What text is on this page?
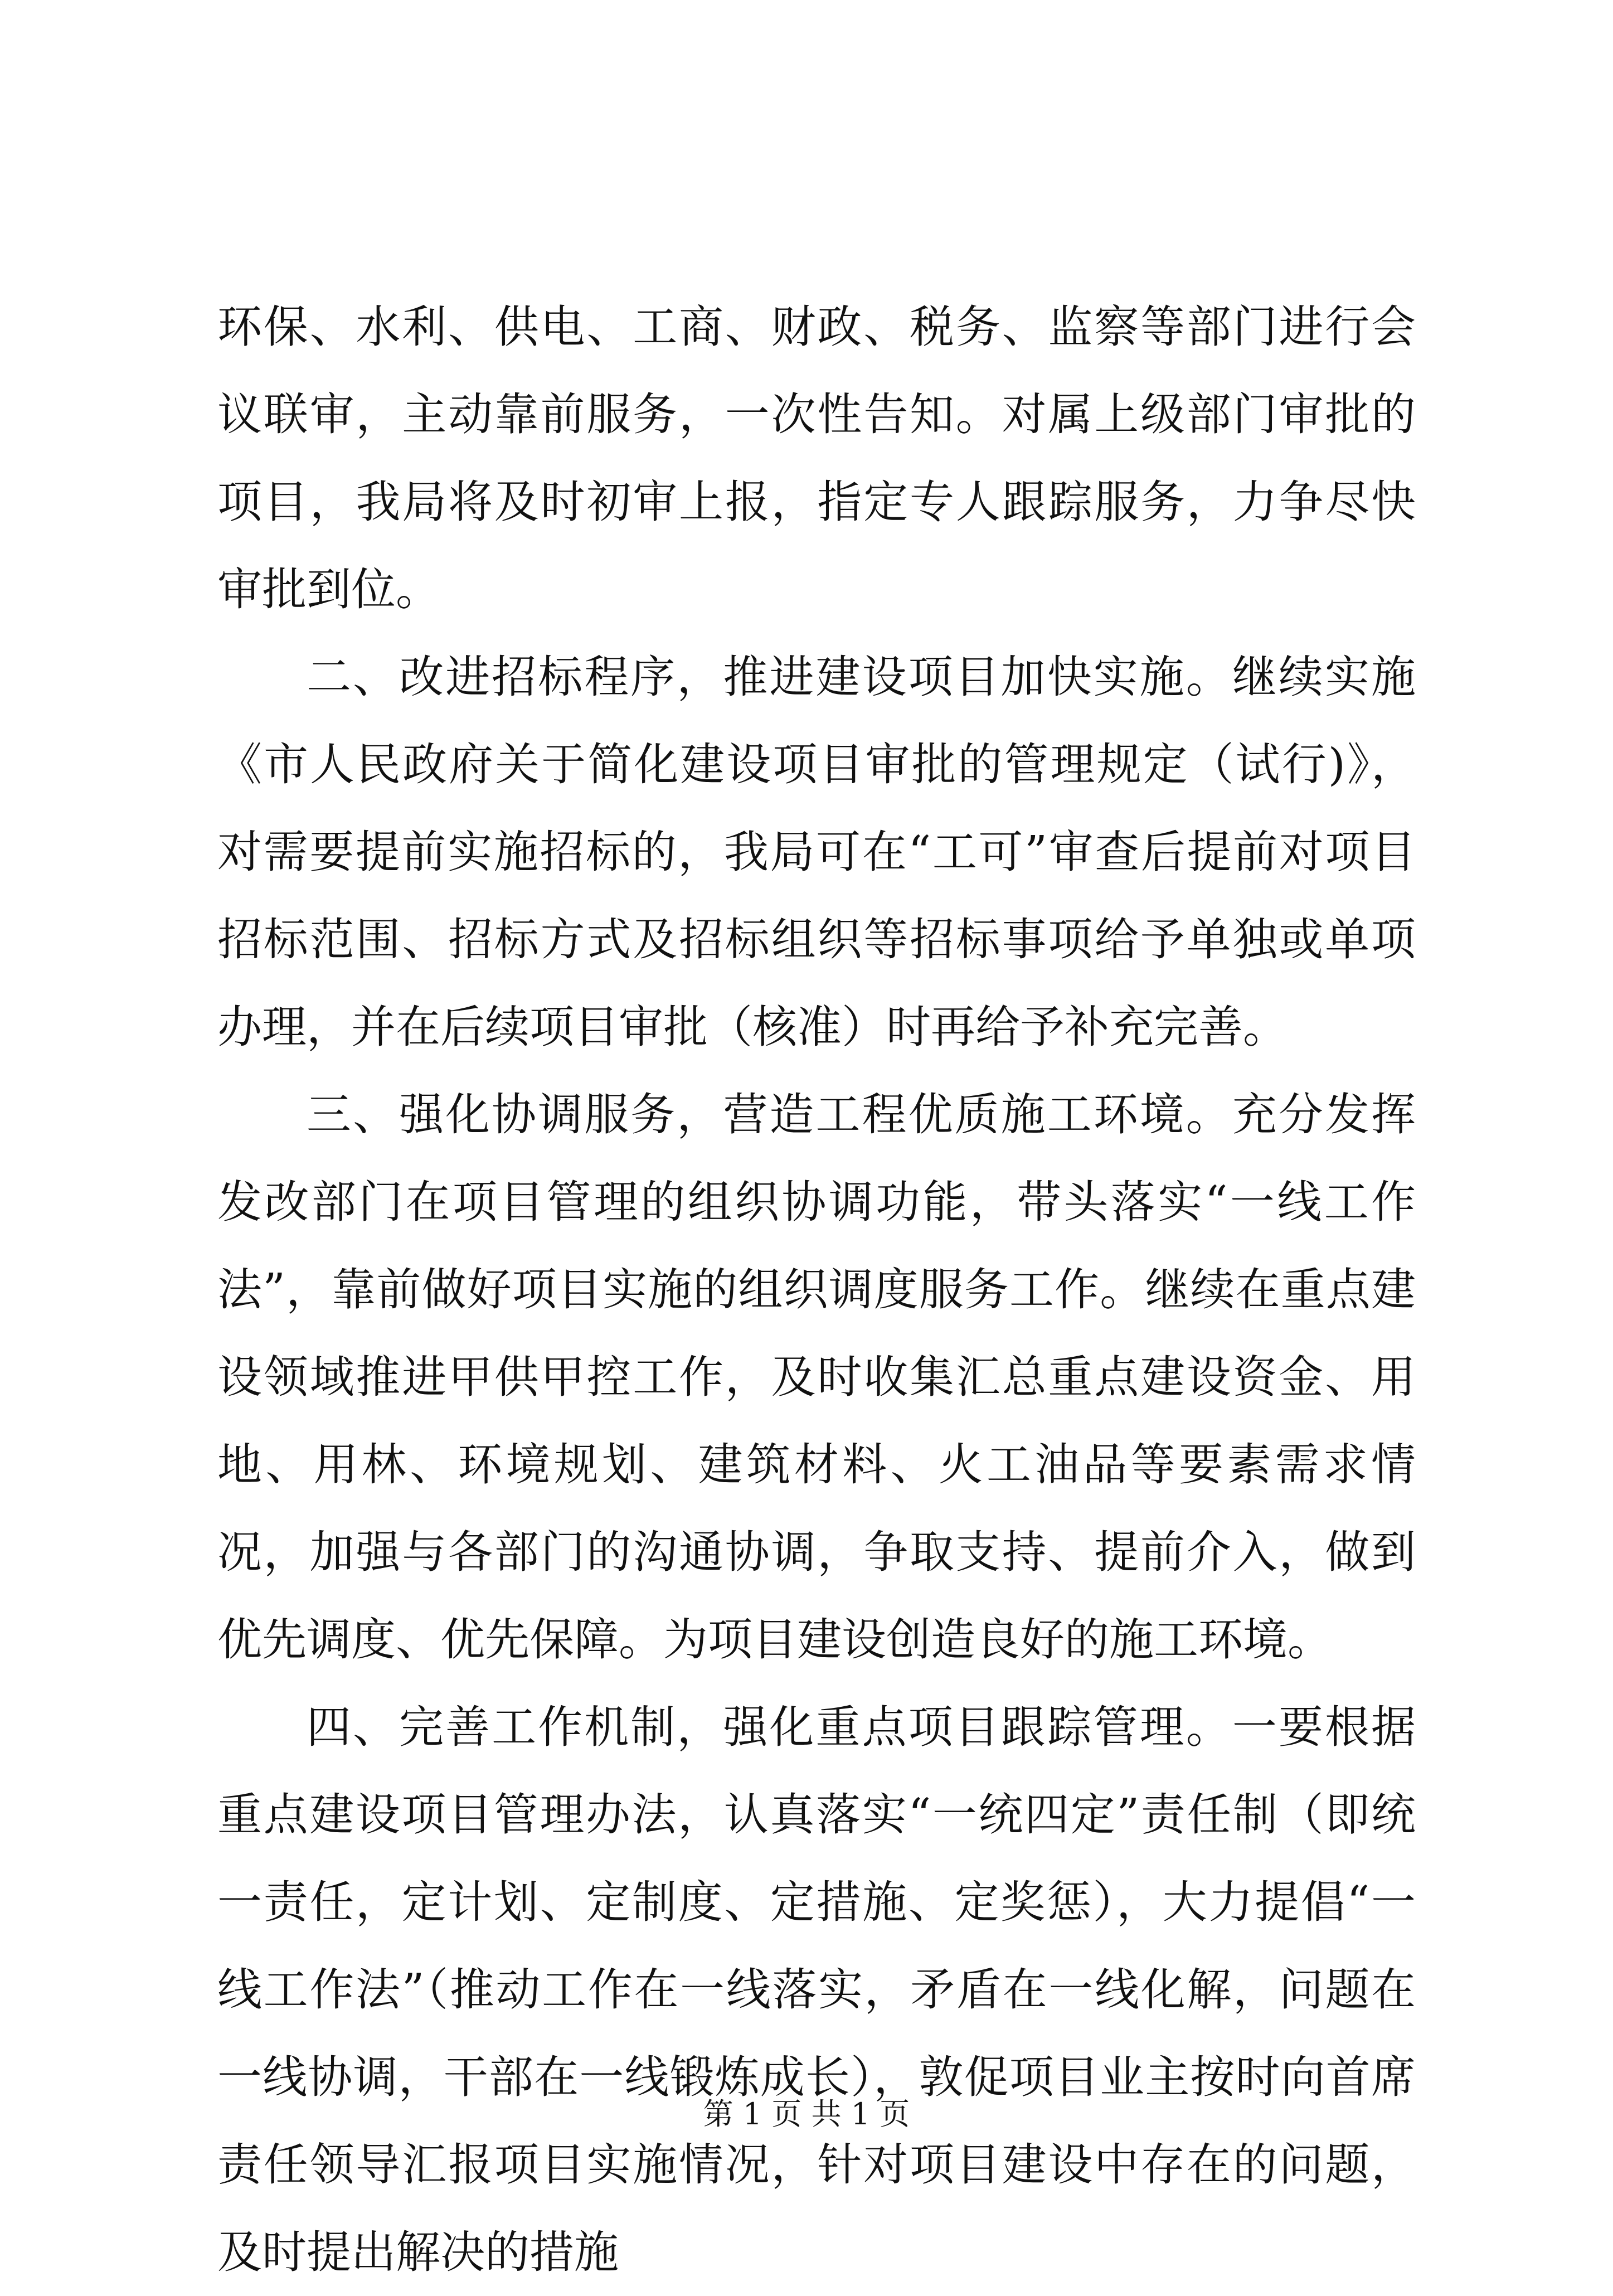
环保、水利、供电、工商、财政、税务、监察等部门进行会议联审，主动靠前服务，一次性告知。对属上级部门审批的项目，我局将及时初审上报，指定专人跟踪服务，力争尽快审批到位。

二、改进招标程序，推进建设项目加快实施。继续实施《市人民政府关于简化建设项目审批的管理规定（试行)》，对需要提前实施招标的，我局可在“工可”审查后提前对项目招标范围、招标方式及招标组织等招标事项给予单独或单项办理，并在后续项目审批（核准）时再给予补充完善。

三、强化协调服务，营造工程优质施工环境。充分发挥发改部门在项目管理的组织协调功能，带头落实“一线工作法”，靠前做好项目实施的组织调度服务工作。继续在重点建设领域推进甲供甲控工作，及时收集汇总重点建设资金、用地、用林、环境规划、建筑材料、火工油品等要素需求情况，加强与各部门的沟通协调，争取支持、提前介入，做到优先调度、优先保障。为项目建设创造良好的施工环境。

四、完善工作机制，强化重点项目跟踪管理。一要根据重点建设项目管理办法，认真落实“一统四定”责任制（即统一责任，定计划、定制度、定措施、定奖惩），大力提倡“一线工作法”（推动工作在一线落实，矛盾在一线化解，问题在一线协调，干部在一线锻炼成长），敦促项目业主按时向首席责任领导汇报项目实施情况，针对项目建设中存在的问题，及时提出解决的措施

第 1 页 共 1 页
